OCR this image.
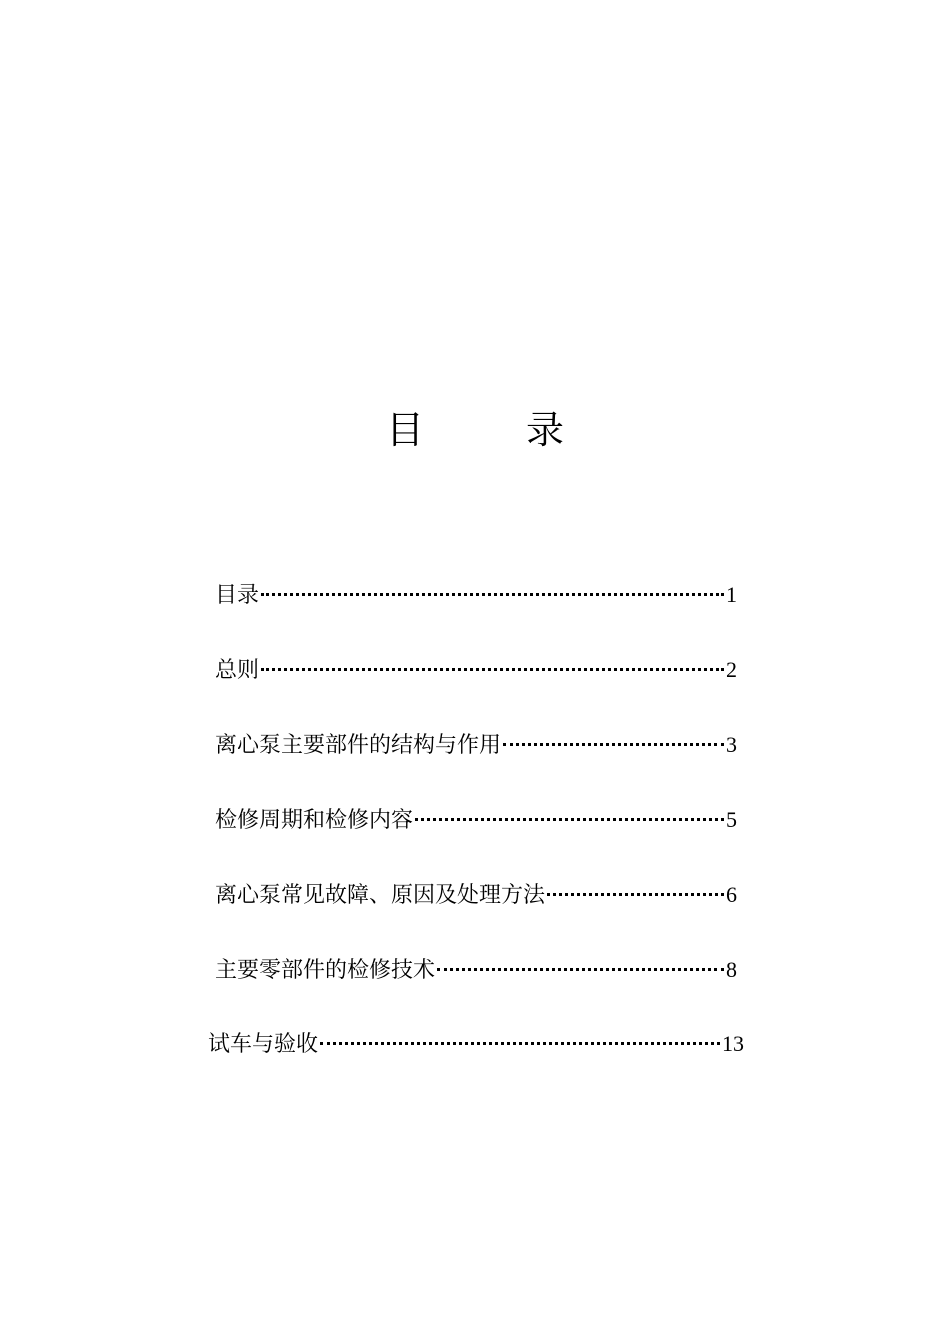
目	录
目录	1
总则	2
离心泵主要部件的结构与作用	3
检修周期和检修内容	5
离心泵常见故障、原因及处理方法	6
主要零部件的检修技术	8
试车与验收	13
